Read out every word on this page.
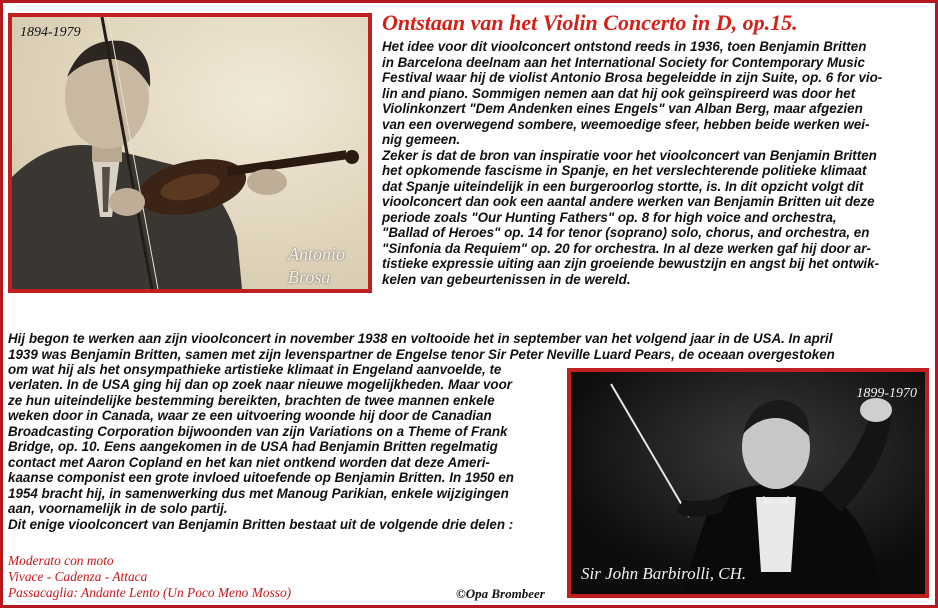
1894-1979
Antonio
Brosa
Ontstaan van het Violin Concerto in D, op.15.
Het idee voor dit vioolconcert ontstond reeds in 1936, toen Benjamin Britten
in Barcelona deelnam aan het International Society for Contemporary Music
Festival waar hij de violist Antonio Brosa begeleidde in zijn Suite, op. 6 for vio-
lin and piano. Sommigen nemen aan dat hij ook geïnspireerd was door het
Violinkonzert "Dem Andenken eines Engels" van Alban Berg, maar afgezien
van een overwegend sombere, weemoedige sfeer, hebben beide werken wei-
nig gemeen.
Zeker is dat de bron van inspiratie voor het vioolconcert van Benjamin Britten
het opkomende fascisme in Spanje, en het verslechterende politieke klimaat
dat Spanje uiteindelijk in een burgeroorlog stortte, is. In dit opzicht volgt dit
vioolconcert dan ook een aantal andere werken van Benjamin Britten uit deze
periode zoals "Our Hunting Fathers" op. 8 for high voice and orchestra,
"Ballad of Heroes" op. 14 for tenor (soprano) solo, chorus, and orchestra, en
"Sinfonia da Requiem" op. 20 for orchestra. In al deze werken gaf hij door ar-
tistieke expressie uiting aan zijn groeiende bewustzijn en angst bij het ontwik-
kelen van gebeurtenissen in de wereld.
Hij begon te werken aan zijn vioolconcert in november 1938 en voltooide het in september van het volgend jaar in de USA. In april
1939 was Benjamin Britten, samen met zijn levenspartner de Engelse tenor Sir Peter Neville Luard Pears, de oceaan overgestoken
om wat hij als het onsympathieke artistieke klimaat in Engeland aanvoelde, te
verlaten. In de USA ging hij dan op zoek naar nieuwe mogelijkheden. Maar voor
ze hun uiteindelijke bestemming bereikten, brachten de twee mannen enkele
weken door in Canada, waar ze een uitvoering woonde hij door de Canadian
Broadcasting Corporation bijwoonden van zijn Variations on a Theme of Frank
Bridge, op. 10. Eens aangekomen in de USA had Benjamin Britten regelmatig
contact met Aaron Copland en het kan niet ontkend worden dat deze Ameri-
kaanse componist een grote invloed uitoefende op Benjamin Britten. In 1950 en
1954 bracht hij, in samenwerking dus met Manoug Parikian, enkele wijzigingen
aan, voornamelijk in de solo partij.
Dit enige vioolconcert van Benjamin Britten bestaat uit de volgende drie delen :
1899-1970
Sir John Barbirolli, CH.
Moderato con moto
Vivace - Cadenza - Attaca
Passacaglia: Andante Lento (Un Poco Meno Mosso)	©Opa Brombeer
